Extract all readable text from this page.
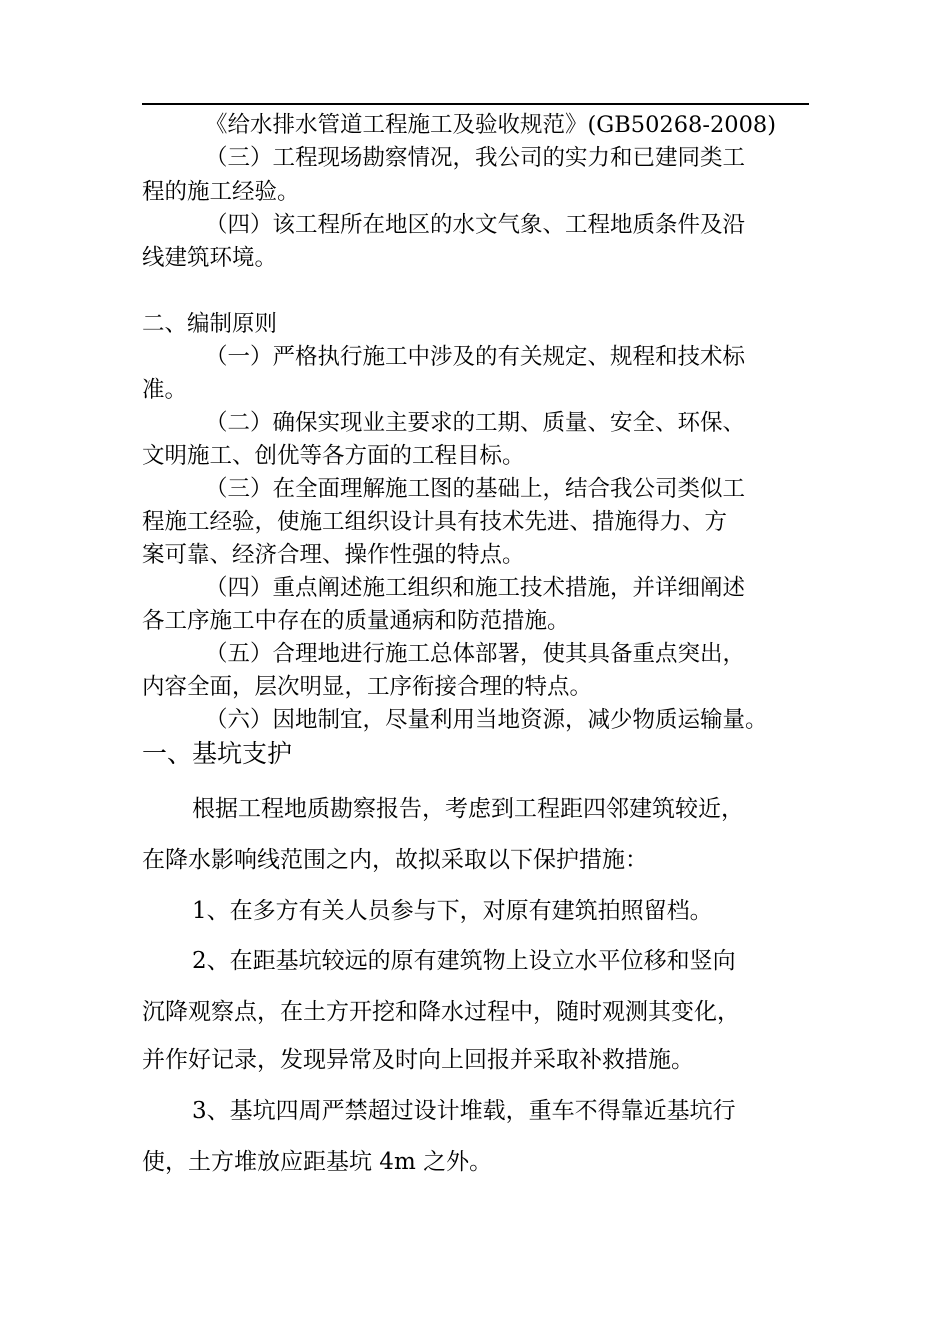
《给水排水管道工程施工及验收规范》(GB50268-2008)
（三）工程现场勘察情况，我公司的实力和已建同类工
程的施工经验。
（四）该工程所在地区的水文气象、工程地质条件及沿
线建筑环境。
二、编制原则
（一）严格执行施工中涉及的有关规定、规程和技术标
准。
（二）确保实现业主要求的工期、质量、安全、环保、
文明施工、创优等各方面的工程目标。
（三）在全面理解施工图的基础上，结合我公司类似工
程施工经验，使施工组织设计具有技术先进、措施得力、方
案可靠、经济合理、操作性强的特点。
（四）重点阐述施工组织和施工技术措施，并详细阐述
各工序施工中存在的质量通病和防范措施。
（五）合理地进行施工总体部署，使其具备重点突出，
内容全面，层次明显，工序衔接合理的特点。
（六）因地制宜，尽量利用当地资源，减少物质运输量。
一、基坑支护
根据工程地质勘察报告，考虑到工程距四邻建筑较近，
在降水影响线范围之内，故拟采取以下保护措施：
1、在多方有关人员参与下，对原有建筑拍照留档。
2、在距基坑较远的原有建筑物上设立水平位移和竖向
沉降观察点，在土方开挖和降水过程中，随时观测其变化，
并作好记录，发现异常及时向上回报并采取补救措施。
3、基坑四周严禁超过设计堆载，重车不得靠近基坑行
使，土方堆放应距基坑 4m 之外。
